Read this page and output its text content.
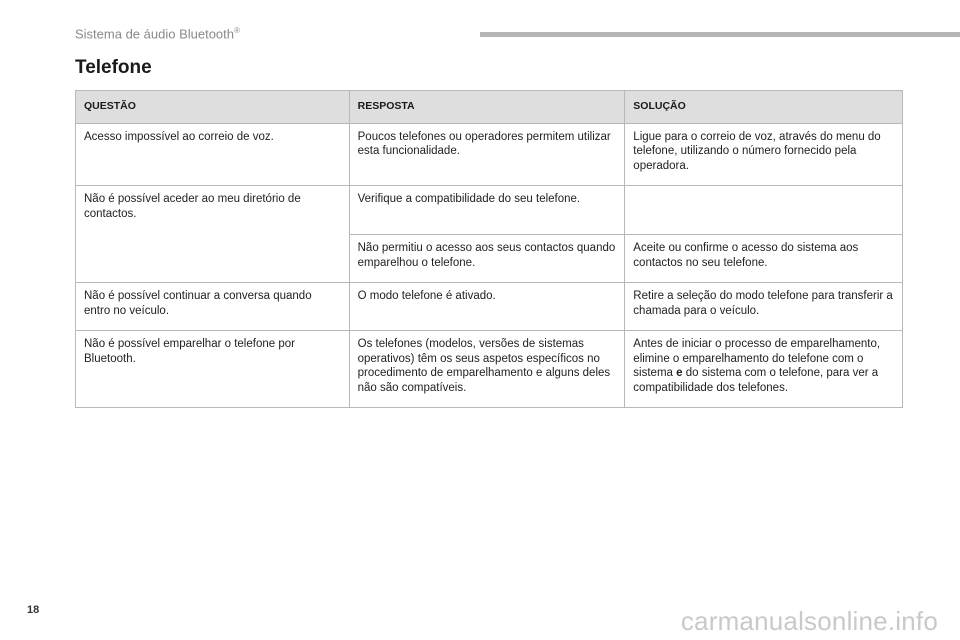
Sistema de áudio Bluetooth®
Telefone
QUESTÃO	RESPOSTA	SOLUÇÃO
Acesso impossível ao correio de voz.	Poucos telefones ou operadores permitem utilizar esta funcionalidade.	Ligue para o correio de voz, através do menu do telefone, utilizando o número fornecido pela operadora.
Não é possível aceder ao meu diretório de contactos.	Verifique a compatibilidade do seu telefone.	
	Não permitiu o acesso aos seus contactos quando emparelhou o telefone.	Aceite ou confirme o acesso do sistema aos contactos no seu telefone.
Não é possível continuar a conversa quando entro no veículo.	O modo telefone é ativado.	Retire a seleção do modo telefone para transferir a chamada para o veículo.
Não é possível emparelhar o telefone por Bluetooth.	Os telefones (modelos, versões de sistemas operativos) têm os seus aspetos específicos no procedimento de emparelhamento e alguns deles não são compatíveis.	Antes de iniciar o processo de emparelhamento, elimine o emparelhamento do telefone com o sistema e do sistema com o telefone, para ver a compatibilidade dos telefones.
18	carmanualsonline.info
